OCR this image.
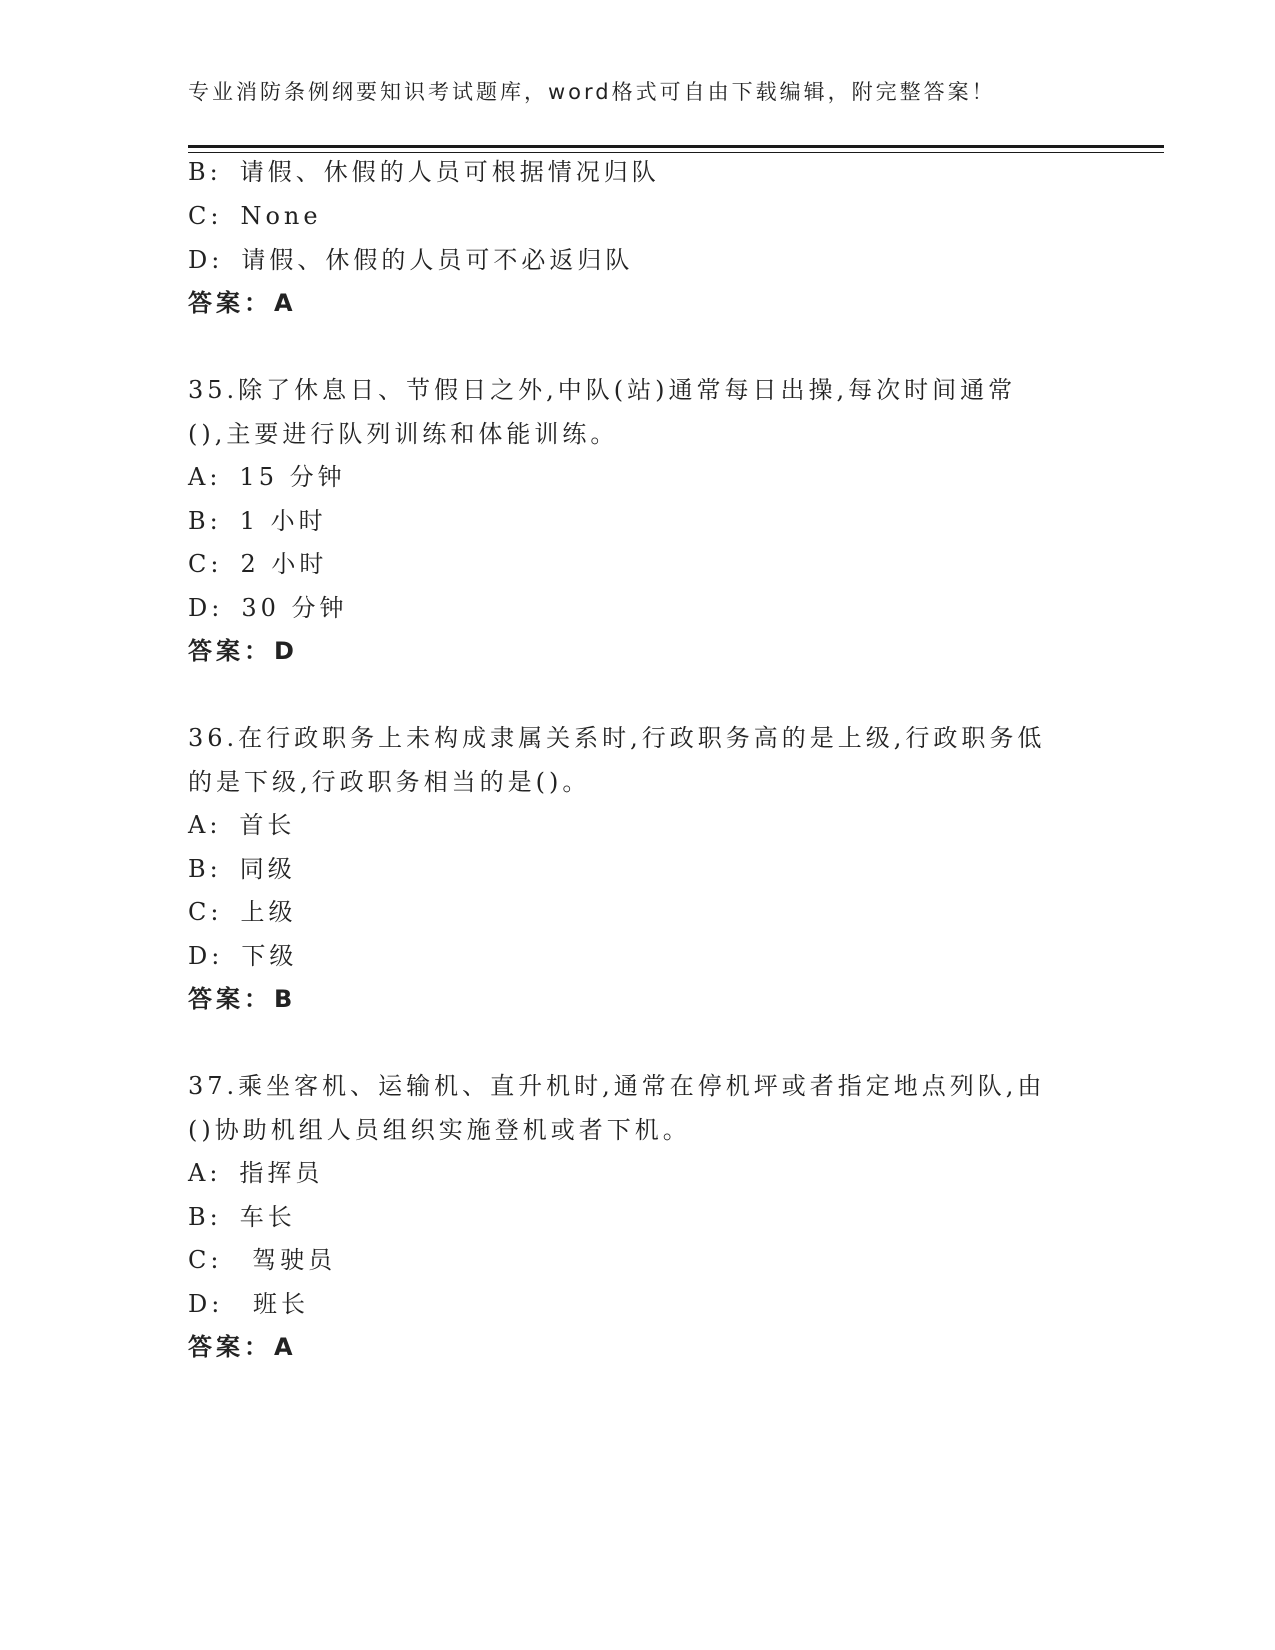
专业消防条例纲要知识考试题库，word格式可自由下载编辑，附完整答案！
B: 请假、休假的人员可根据情况归队
C: None
D: 请假、休假的人员可不必返归队
答案：A
35.除了休息日、节假日之外,中队(站)通常每日出操,每次时间通常
(),主要进行队列训练和体能训练。
A: 15 分钟
B: 1 小时
C: 2 小时
D: 30 分钟
答案：D
36.在行政职务上未构成隶属关系时,行政职务高的是上级,行政职务低
的是下级,行政职务相当的是()。
A: 首长
B: 同级
C: 上级
D: 下级
答案：B
37.乘坐客机、运输机、直升机时,通常在停机坪或者指定地点列队,由
()协助机组人员组织实施登机或者下机。
A: 指挥员
B: 车长
C: 驾驶员
D: 班长
答案：A
